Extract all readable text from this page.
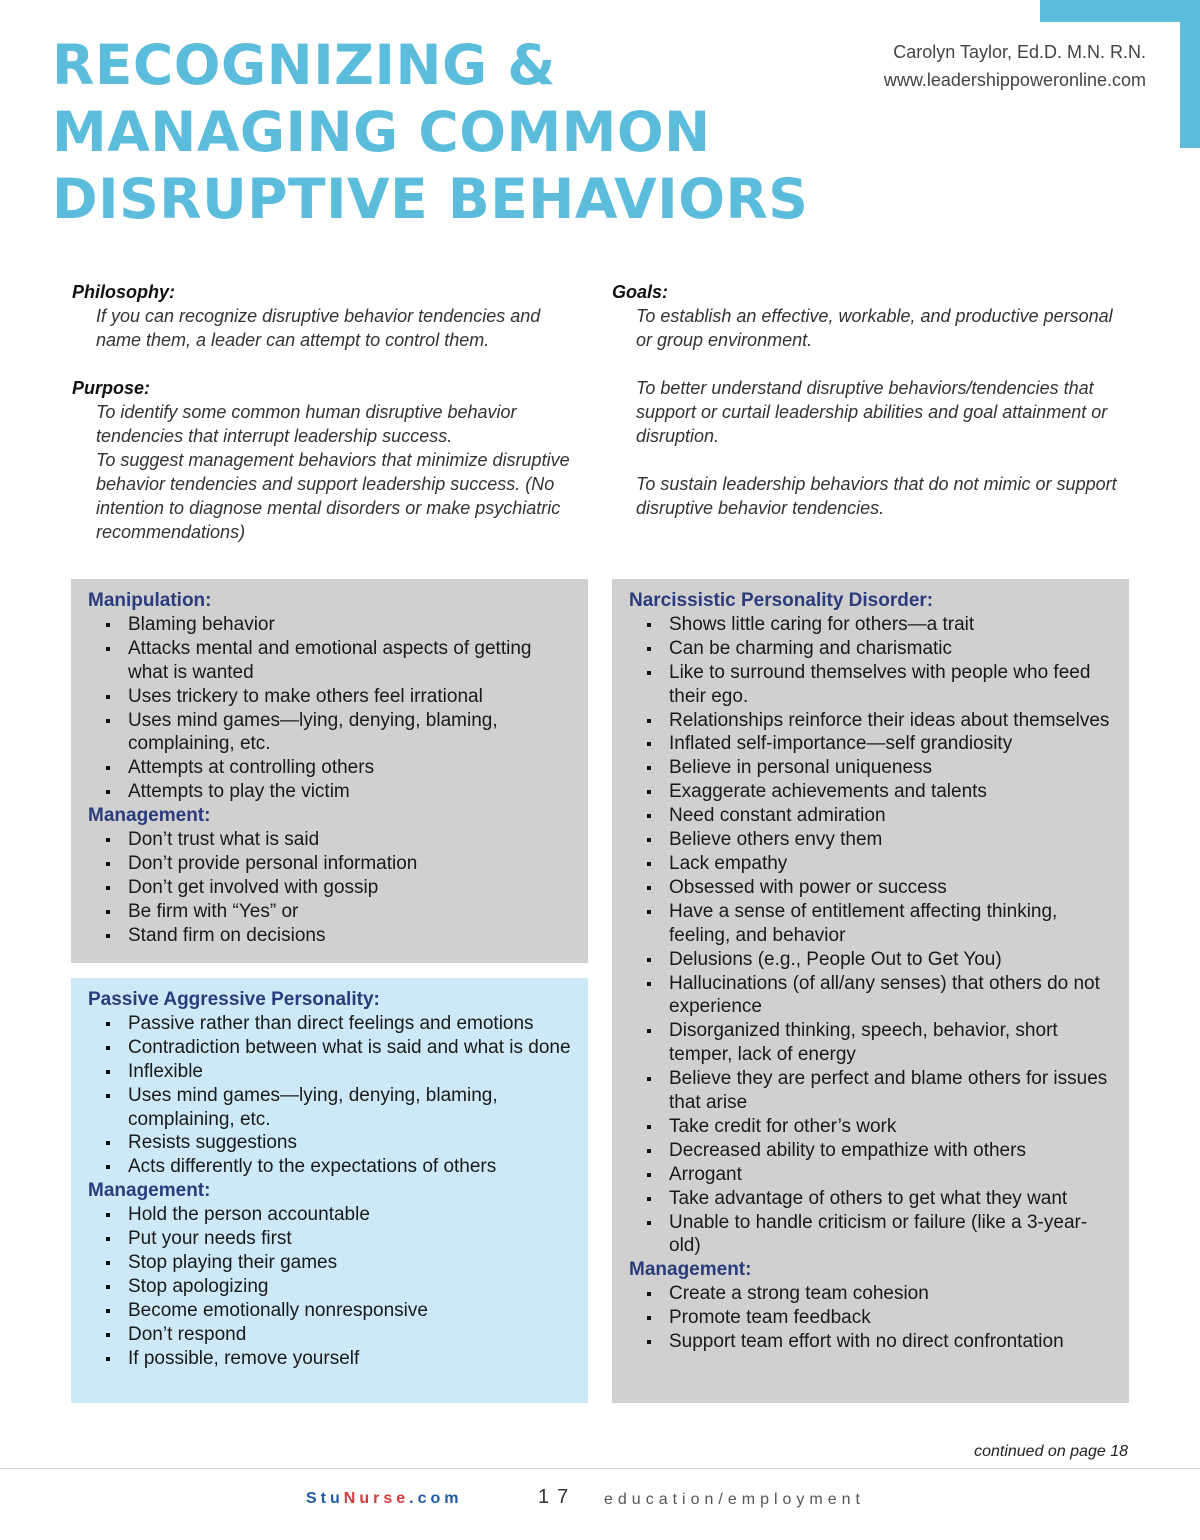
RECOGNIZING &
MANAGING COMMON
DISRUPTIVE BEHAVIORS
Carolyn Taylor, Ed.D. M.N. R.N.
www.leadershippoweronline.com
Philosophy:
If you can recognize disruptive behavior tendencies and name them, a leader can attempt to control them.
Purpose:
To identify some common human disruptive behavior tendencies that interrupt leadership success.
To suggest management behaviors that minimize disruptive behavior tendencies and support leadership success. (No intention to diagnose mental disorders or make psychiatric recommendations)
Goals:
To establish an effective, workable, and productive personal or group environment.
To better understand disruptive behaviors/tendencies that support or curtail leadership abilities and goal attainment or disruption.
To sustain leadership behaviors that do not mimic or support disruptive behavior tendencies.
Manipulation:
Blaming behavior
Attacks mental and emotional aspects of getting what is wanted
Uses trickery to make others feel irrational
Uses mind games—lying, denying, blaming, complaining, etc.
Attempts at controlling others
Attempts to play the victim
Management:
Don’t trust what is said
Don’t provide personal information
Don’t get involved with gossip
Be firm with “Yes” or
Stand firm on decisions
Passive Aggressive Personality:
Passive rather than direct feelings and emotions
Contradiction between what is said and what is done
Inflexible
Uses mind games—lying, denying, blaming, complaining, etc.
Resists suggestions
Acts differently to the expectations of others
Management:
Hold the person accountable
Put your needs first
Stop playing their games
Stop apologizing
Become emotionally nonresponsive
Don’t respond
If possible, remove yourself
Narcissistic Personality Disorder:
Shows little caring for others—a trait
Can be charming and charismatic
Like to surround themselves with people who feed their ego.
Relationships reinforce their ideas about themselves
Inflated self-importance—self grandiosity
Believe in personal uniqueness
Exaggerate achievements and talents
Need constant admiration
Believe others envy them
Lack empathy
Obsessed with power or success
Have a sense of entitlement affecting thinking, feeling, and behavior
Delusions (e.g., People Out to Get You)
Hallucinations (of all/any senses) that others do not experience
Disorganized thinking, speech, behavior, short temper, lack of energy
Believe they are perfect and blame others for issues that arise
Take credit for other’s work
Decreased ability to empathize with others
Arrogant
Take advantage of others to get what they want
Unable to handle criticism or failure (like a 3-year-old)
Management:
Create a strong team cohesion
Promote team feedback
Support team effort with no direct confrontation
continued on page 18
StuNurse.com	17 education/employment
